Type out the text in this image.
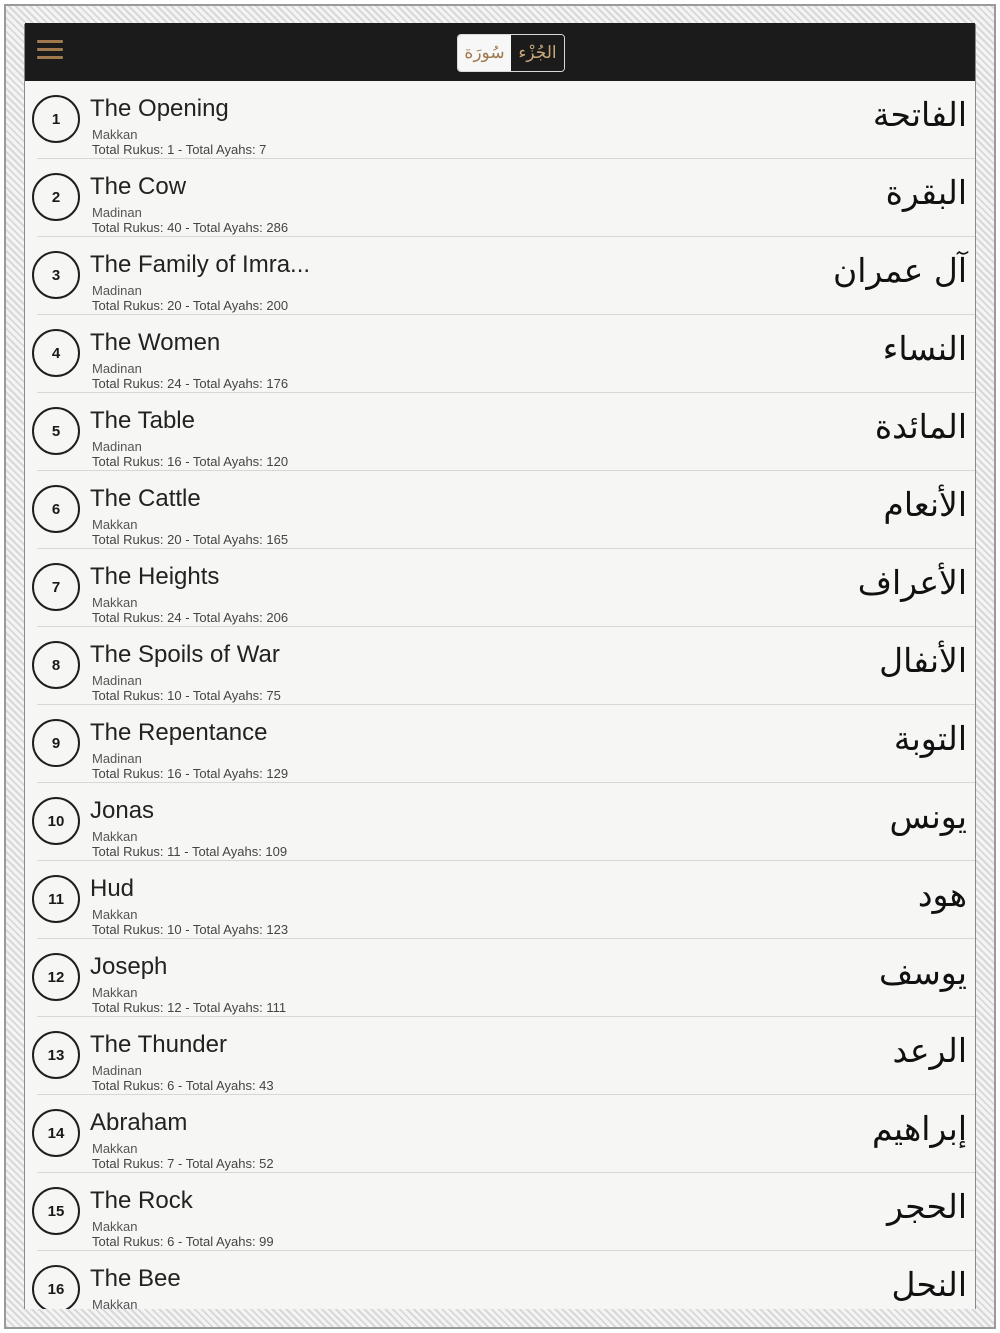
سُورَة الجُزْء
1	The Opening
Makkan
Total Rukus: 1 - Total Ayahs: 7
الفاتحة
2	The Cow
Madinan
Total Rukus: 40 - Total Ayahs: 286
البقرة
3	The Family of Imra...
Madinan
Total Rukus: 20 - Total Ayahs: 200
آل عمران
4	The Women
Madinan
Total Rukus: 24 - Total Ayahs: 176
النساء
5	The Table
Madinan
Total Rukus: 16 - Total Ayahs: 120
المائدة
6	The Cattle
Makkan
Total Rukus: 20 - Total Ayahs: 165
الأنعام
7	The Heights
Makkan
Total Rukus: 24 - Total Ayahs: 206
الأعراف
8	The Spoils of War
Madinan
Total Rukus: 10 - Total Ayahs: 75
الأنفال
9	The Repentance
Madinan
Total Rukus: 16 - Total Ayahs: 129
التوبة
10	Jonas
Makkan
Total Rukus: 11 - Total Ayahs: 109
يونس
11	Hud
Makkan
Total Rukus: 10 - Total Ayahs: 123
هود
12	Joseph
Makkan
Total Rukus: 12 - Total Ayahs: 111
يوسف
13	The Thunder
Madinan
Total Rukus: 6 - Total Ayahs: 43
الرعد
14	Abraham
Makkan
Total Rukus: 7 - Total Ayahs: 52
إبراهيم
15	The Rock
Makkan
Total Rukus: 6 - Total Ayahs: 99
الحجر
16	The Bee
Makkan
النحل
